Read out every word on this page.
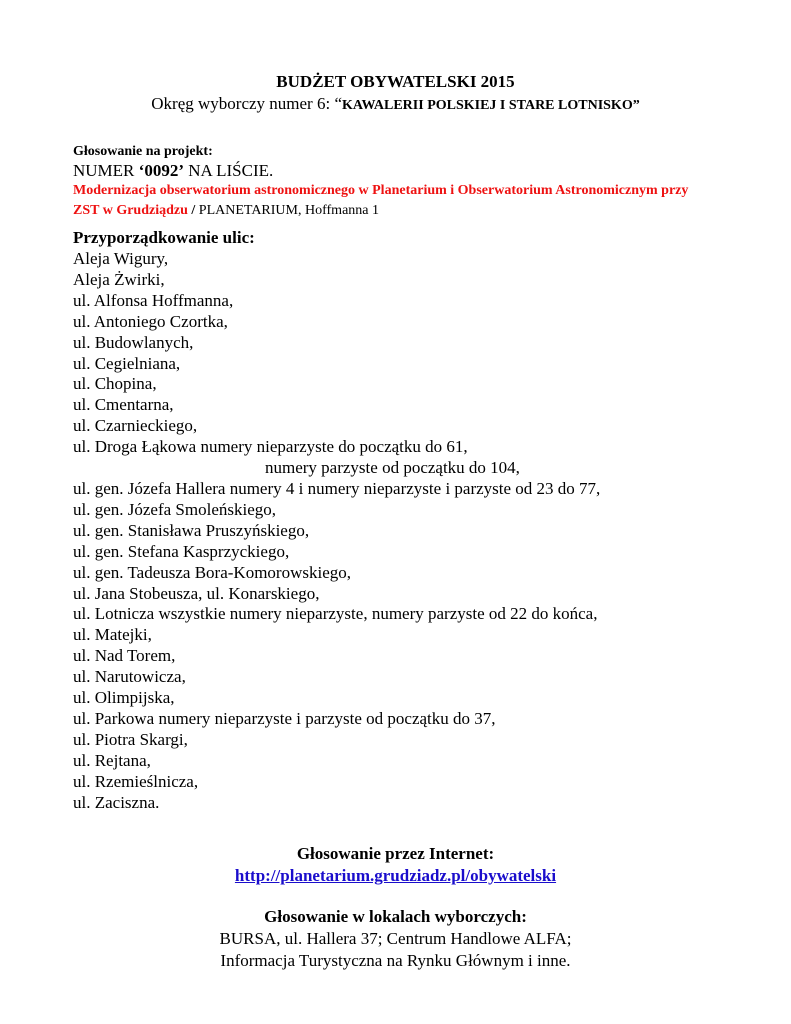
BUDŻET OBYWATELSKI 2015

Okręg wyborczy numer 6: “KAWALERII POLSKIEJ I STARE LOTNISKO”

Głosowanie na projekt:

NUMER ‘0092’ NA LIŚCIE.

Modernizacja obserwatorium astronomicznego w Planetarium i Obserwatorium Astronomicznym przy ZST w Grudziądzu / PLANETARIUM, Hoffmanna 1

Przyporządkowanie ulic:

Aleja Wigury,
Aleja Żwirki,
ul. Alfonsa Hoffmanna,
ul. Antoniego Czortka,
ul. Budowlanych,
ul. Cegielniana,
ul. Chopina,
ul. Cmentarna,
ul. Czarnieckiego,
ul. Droga Łąkowa numery nieparzyste do początku do 61,
numery parzyste od początku do 104,
ul. gen. Józefa Hallera numery 4 i numery nieparzyste i parzyste od 23 do 77,
ul. gen. Józefa Smoleńskiego,
ul. gen. Stanisława Pruszyńskiego,
ul. gen. Stefana Kasprzyckiego,
ul. gen. Tadeusza Bora-Komorowskiego,
ul. Jana Stobeusza, ul. Konarskiego,
ul. Lotnicza wszystkie numery nieparzyste, numery parzyste od 22 do końca,
ul. Matejki,
ul. Nad Torem,
ul. Narutowicza,
ul. Olimpijska,
ul. Parkowa numery nieparzyste i parzyste od początku do 37,
ul. Piotra Skargi,
ul. Rejtana,
ul. Rzemieślnicza,
ul. Zaciszna.

Głosowanie przez Internet:

http://planetarium.grudziadz.pl/obywatelski

Głosowanie w lokalach wyborczych:

BURSA, ul. Hallera 37; Centrum Handlowe ALFA;

Informacja Turystyczna na Rynku Głównym i inne.
